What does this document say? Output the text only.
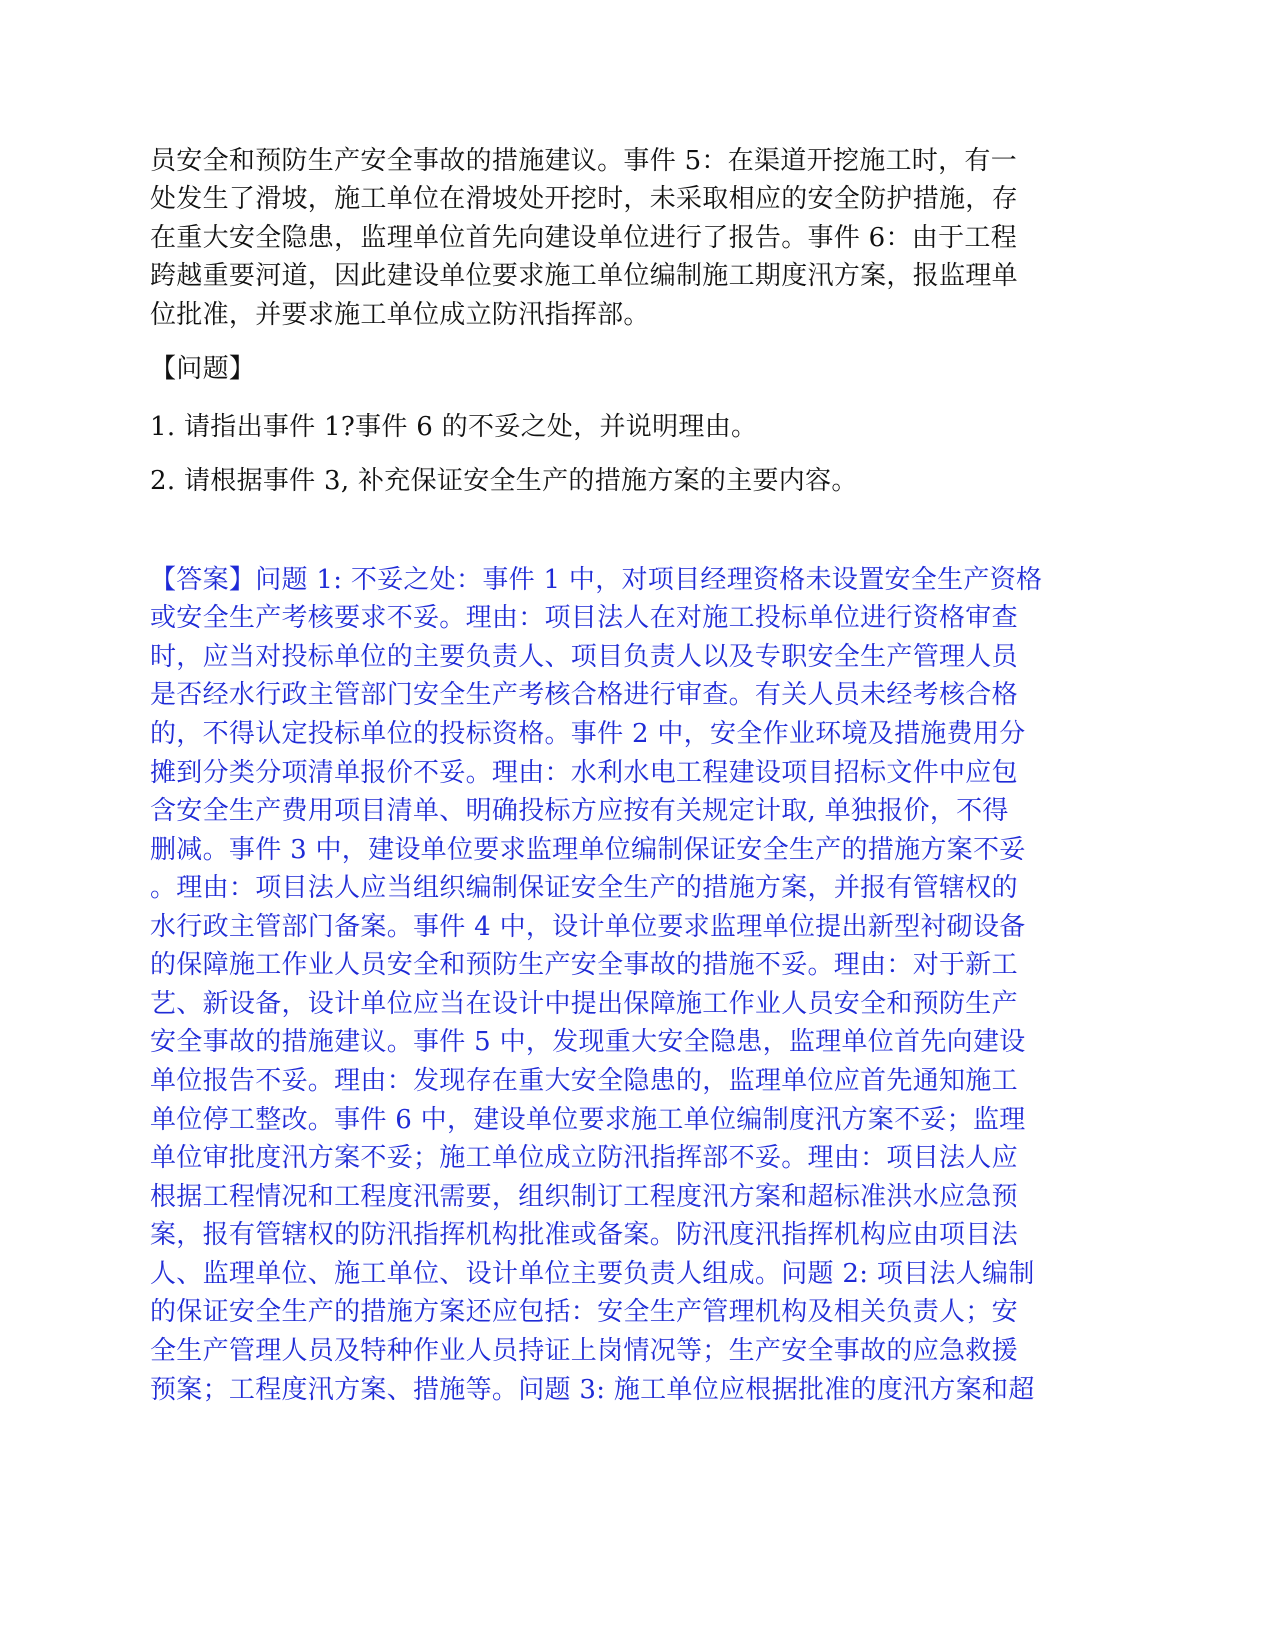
员安全和预防生产安全事故的措施建议。事件 5：在渠道开挖施工时，有一
处发生了滑坡，施工单位在滑坡处开挖时，未采取相应的安全防护措施，存
在重大安全隐患，监理单位首先向建设单位进行了报告。事件 6：由于工程
跨越重要河道，因此建设单位要求施工单位编制施工期度汛方案，报监理单
位批准，并要求施工单位成立防汛指挥部。
【问题】
1. 请指出事件 1?事件 6 的不妥之处，并说明理由。
2. 请根据事件 3, 补充保证安全生产的措施方案的主要内容。
【答案】问题 1: 不妥之处：事件 1 中，对项目经理资格未设置安全生产资格
或安全生产考核要求不妥。理由：项目法人在对施工投标单位进行资格审查
时，应当对投标单位的主要负责人、项目负责人以及专职安全生产管理人员
是否经水行政主管部门安全生产考核合格进行审查。有关人员未经考核合格
的，不得认定投标单位的投标资格。事件 2 中，安全作业环境及措施费用分
摊到分类分项清单报价不妥。理由：水利水电工程建设项目招标文件中应包
含安全生产费用项目清单、明确投标方应按有关规定计取, 单独报价，不得
删减。事件 3 中，建设单位要求监理单位编制保证安全生产的措施方案不妥
。理由：项目法人应当组织编制保证安全生产的措施方案，并报有管辖权的
水行政主管部门备案。事件 4 中，设计单位要求监理单位提出新型衬砌设备
的保障施工作业人员安全和预防生产安全事故的措施不妥。理由：对于新工
艺、新设备，设计单位应当在设计中提出保障施工作业人员安全和预防生产
安全事故的措施建议。事件 5 中，发现重大安全隐患，监理单位首先向建设
单位报告不妥。理由：发现存在重大安全隐患的，监理单位应首先通知施工
单位停工整改。事件 6 中，建设单位要求施工单位编制度汛方案不妥；监理
单位审批度汛方案不妥；施工单位成立防汛指挥部不妥。理由：项目法人应
根据工程情况和工程度汛需要，组织制订工程度汛方案和超标准洪水应急预
案，报有管辖权的防汛指挥机构批准或备案。防汛度汛指挥机构应由项目法
人、监理单位、施工单位、设计单位主要负责人组成。问题 2: 项目法人编制
的保证安全生产的措施方案还应包括：安全生产管理机构及相关负责人；安
全生产管理人员及特种作业人员持证上岗情况等；生产安全事故的应急救援
预案；工程度汛方案、措施等。问题 3: 施工单位应根据批准的度汛方案和超
